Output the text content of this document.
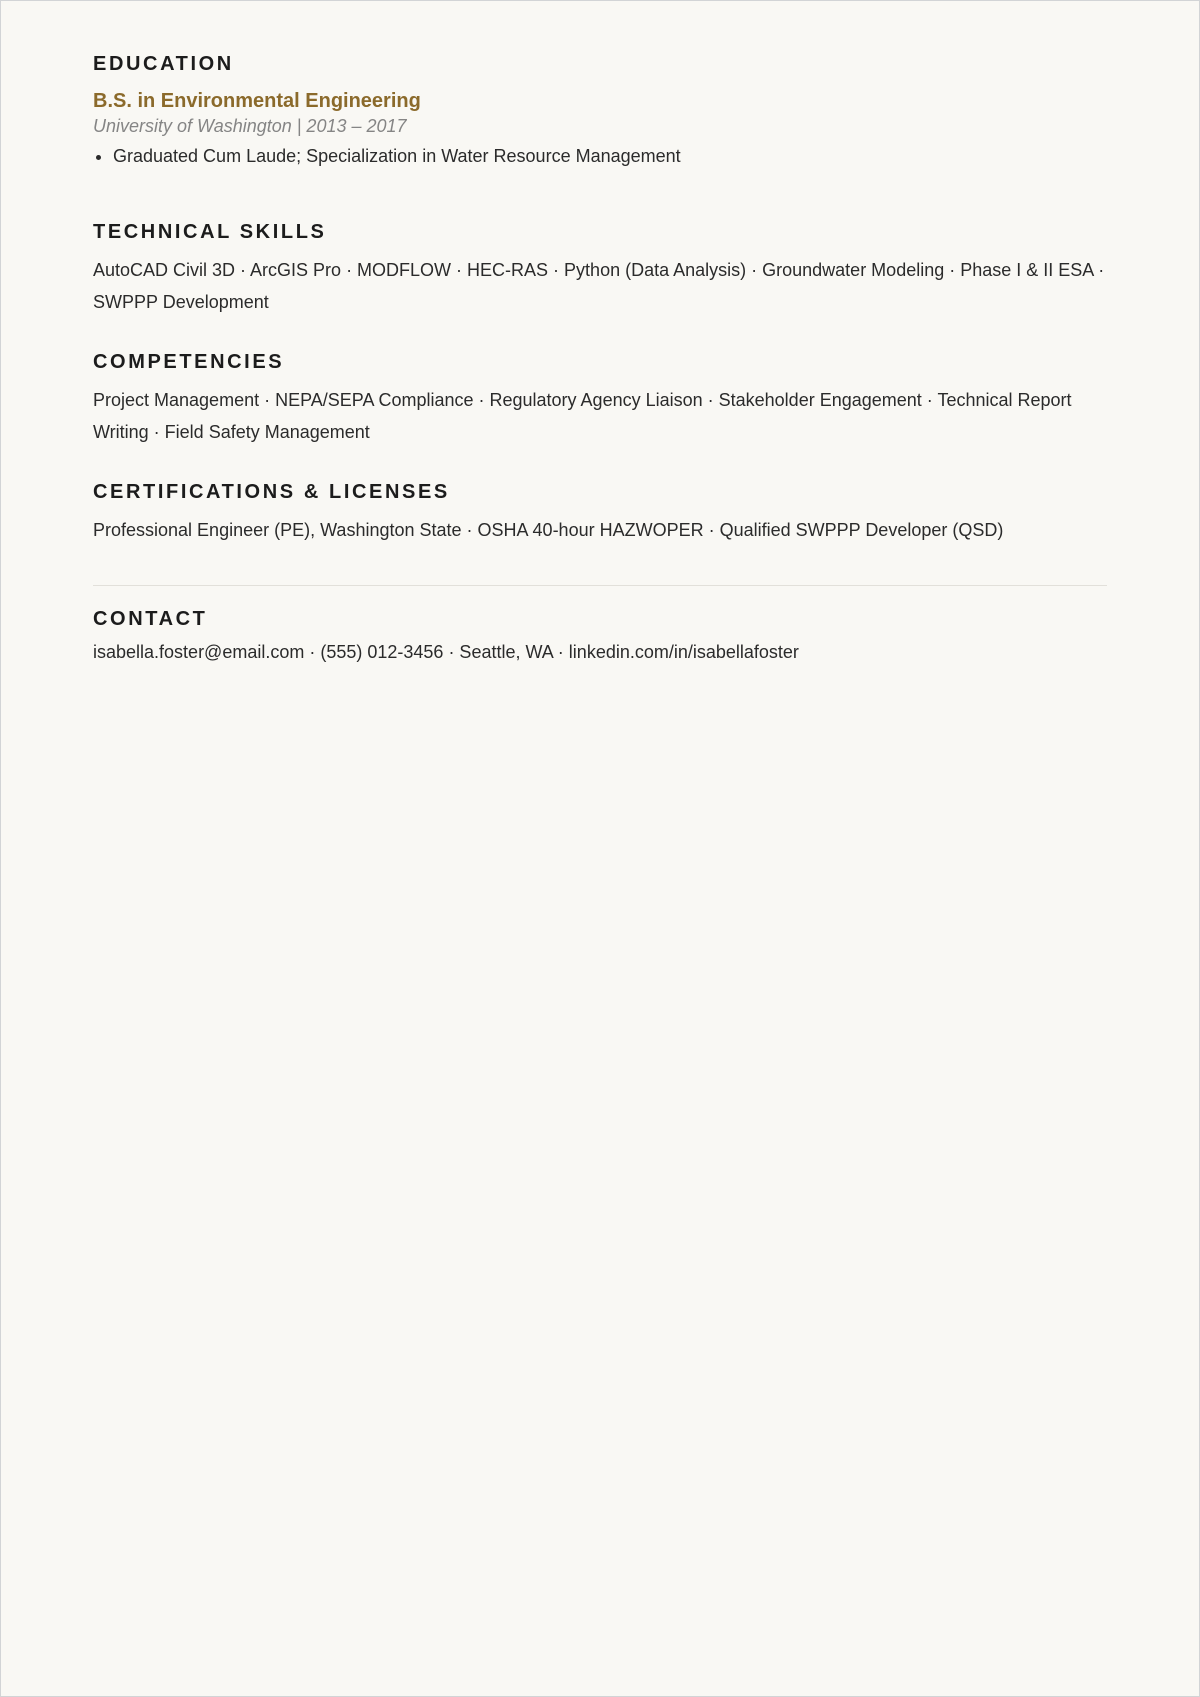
EDUCATION
B.S. in Environmental Engineering
University of Washington | 2013 – 2017
• Graduated Cum Laude; Specialization in Water Resource Management
TECHNICAL SKILLS

AutoCAD Civil 3D · ArcGIS Pro · MODFLOW · HEC-RAS · Python (Data Analysis) · Groundwater Modeling · Phase I & II ESA · SWPPP Development

COMPETENCIES

Project Management · NEPA/SEPA Compliance · Regulatory Agency Liaison · Stakeholder Engagement · Technical Report Writing · Field Safety Management

CERTIFICATIONS & LICENSES

Professional Engineer (PE), Washington State · OSHA 40-hour HAZWOPER · Qualified SWPPP Developer (QSD)

CONTACT

isabella.foster@email.com · (555) 012-3456 · Seattle, WA · linkedin.com/in/isabellafoster
